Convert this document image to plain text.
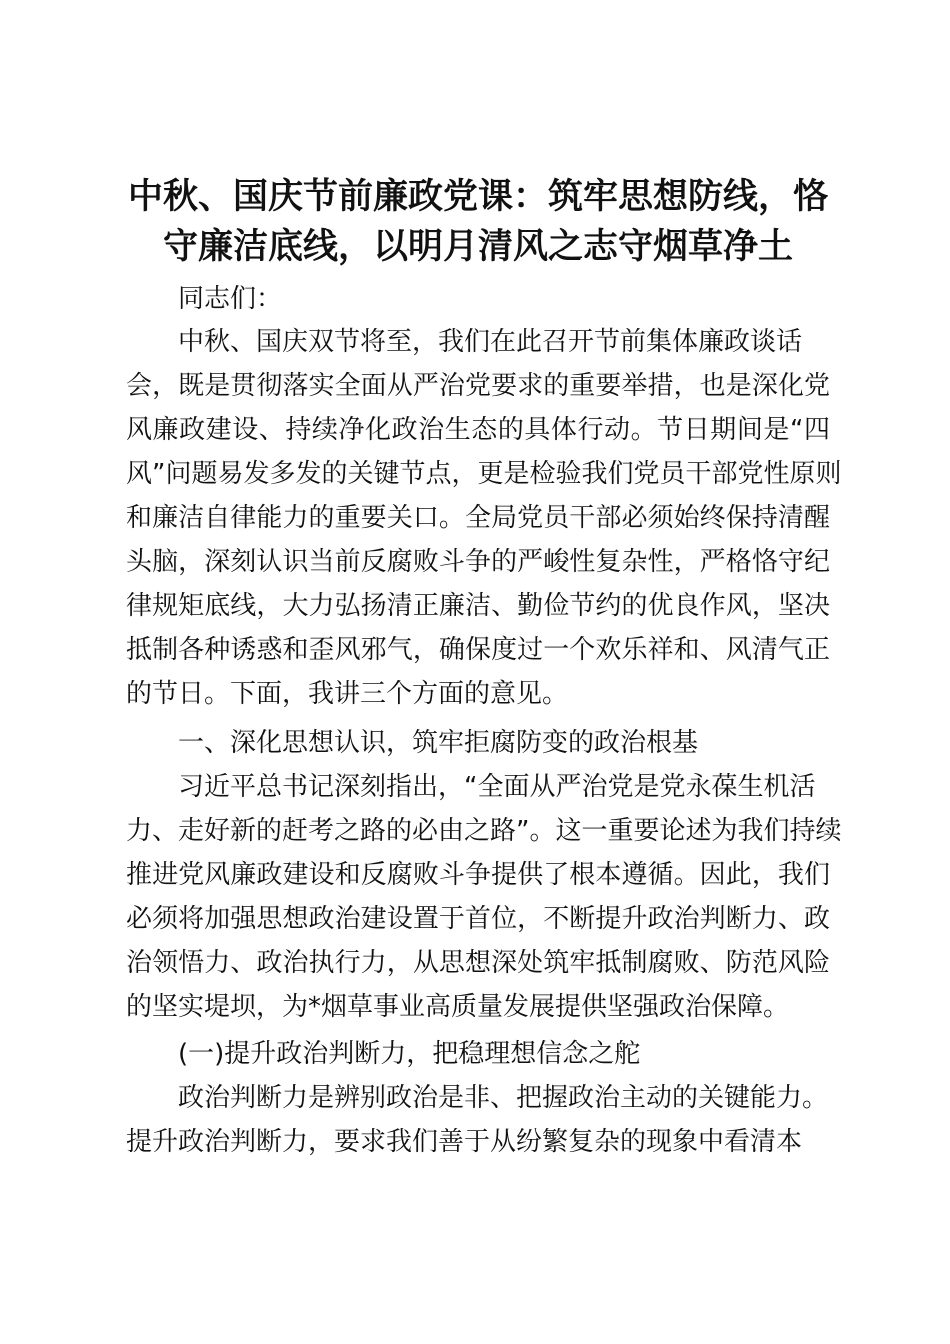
中秋、国庆节前廉政党课：筑牢思想防线，恪
守廉洁底线，以明月清风之志守烟草净土

同志们：

中秋、国庆双节将至，我们在此召开节前集体廉政谈话

会，既是贯彻落实全面从严治党要求的重要举措，也是深化党

风廉政建设、持续净化政治生态的具体行动。节日期间是“四

风”问题易发多发的关键节点，更是检验我们党员干部党性原则

和廉洁自律能力的重要关口。全局党员干部必须始终保持清醒

头脑，深刻认识当前反腐败斗争的严峻性复杂性，严格恪守纪

律规矩底线，大力弘扬清正廉洁、勤俭节约的优良作风，坚决

抵制各种诱惑和歪风邪气，确保度过一个欢乐祥和、风清气正

的节日。下面，我讲三个方面的意见。

一、深化思想认识，筑牢拒腐防变的政治根基

习近平总书记深刻指出，“全面从严治党是党永葆生机活

力、走好新的赶考之路的必由之路”。这一重要论述为我们持续

推进党风廉政建设和反腐败斗争提供了根本遵循。因此，我们

必须将加强思想政治建设置于首位，不断提升政治判断力、政

治领悟力、政治执行力，从思想深处筑牢抵制腐败、防范风险

的坚实堤坝，为*烟草事业高质量发展提供坚强政治保障。

(一)提升政治判断力，把稳理想信念之舵

政治判断力是辨别政治是非、把握政治主动的关键能力。

提升政治判断力，要求我们善于从纷繁复杂的现象中看清本
